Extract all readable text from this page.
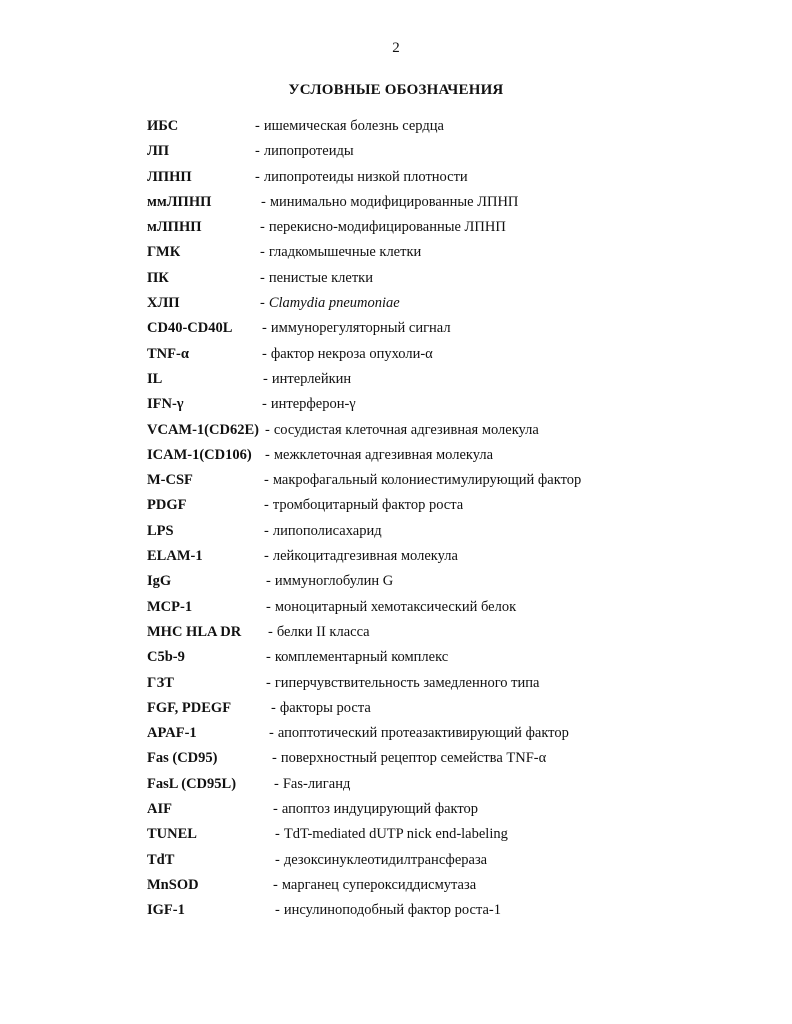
2
УСЛОВНЫЕ ОБОЗНАЧЕНИЯ
ИБС	- ишемическая болезнь сердца
ЛП	- липопротеиды
ЛПНП	- липопротеиды низкой плотности
ммЛПНП	- минимально модифицированные ЛПНП
мЛПНП	- перекисно-модифицированные ЛПНП
ГМК	- гладкомышечные клетки
ПК	- пенистые клетки
ХЛП	- Clamydia pneumoniae
CD40-CD40L - иммунорегуляторный сигнал
TNF-α	- фактор некроза опухоли-α
IL	- интерлейкин
IFN-γ	- интерферон-γ
VCAM-1(CD62E) - сосудистая клеточная адгезивная молекула
ICAM-1(CD106) - межклеточная адгезивная молекула
M-CSF	- макрофагальный колониестимулирующий фактор
PDGF	- тромбоцитарный фактор роста
LPS	- липополисахарид
ELAM-1	- лейкоцитадгезивная молекула
IgG	- иммуноглобулин G
MCP-1	- моноцитарный хемотаксический белок
MHC HLA DR - белки II класса
C5b-9	- комплементарный комплекс
ГЗТ	- гиперчувствительность замедленного типа
FGF, PDEGF	- факторы роста
APAF-1	- апоптотический протеазактивирующий фактор
Fas (CD95)	- поверхностный рецептор семейства TNF-α
FasL (CD95L)	- Fas-лиганд
AIF	- апоптоз индуцирующий фактор
TUNEL	- TdT-mediated dUTP nick end-labeling
TdT	- дезоксинуклеотидилтрансфераза
MnSOD	- марганец супероксиддисмутаза
IGF-1	- инсулиноподобный фактор роста-1
